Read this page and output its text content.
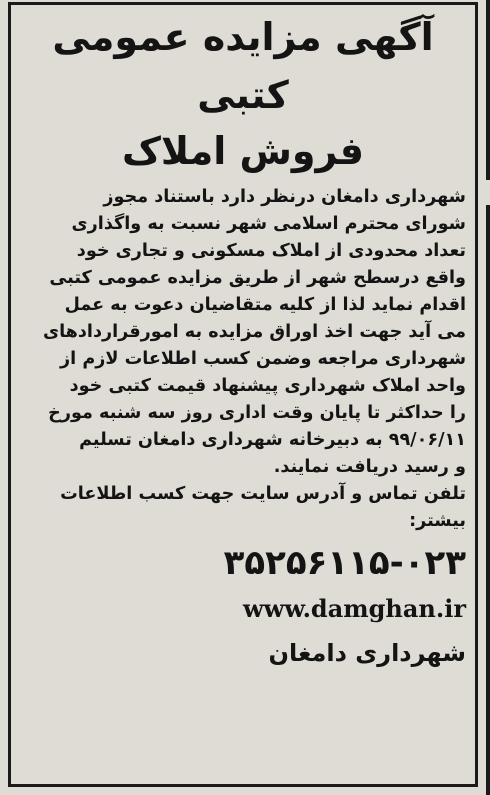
آگهی مزایده عمومی کتبی
فروش املاک

شهرداری دامغان درنظر دارد باستناد مجوز
شورای محترم اسلامی شهر نسبت به واگذاری
تعداد محدودی از املاک مسکونی و تجاری خود
واقع درسطح شهر از طریق مزایده عمومی کتبی
اقدام نماید لذا از کلیه متقاضیان دعوت به عمل
می آید جهت اخذ اوراق مزایده به امورقراردادهای
شهرداری مراجعه وضمن کسب اطلاعات لازم از
واحد املاک شهرداری پیشنهاد قیمت کتبی خود
را حداکثر تا پایان وقت اداری روز سه شنبه مورخ
۹۹/۰۶/۱۱ به دبیرخانه شهرداری دامغان تسلیم
و رسید دریافت نمایند.

تلفن تماس و آدرس سایت جهت کسب اطلاعات
بیشتر:

۳۵۲۵۶۱۱۵-۰۲۳
www.damghan.ir
شهرداری دامغان
